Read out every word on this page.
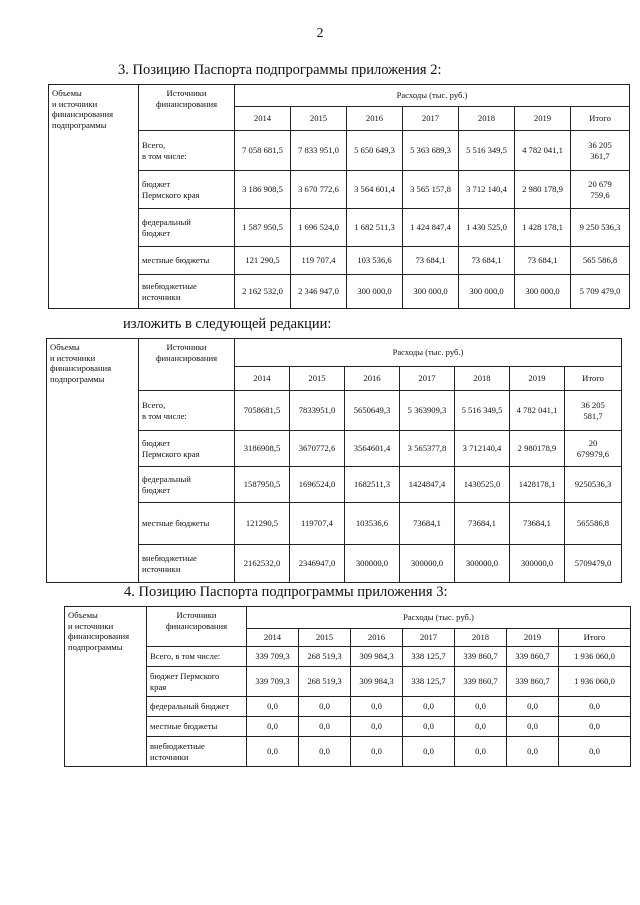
2
3. Позицию Паспорта подпрограммы приложения 2:
Объемы
и источники
финансирования
подпрограммы	Источники
финансирования	Расходы (тыс. руб.)						
		2014	2015	2016	2017	2018	2019	Итого
	Всего,
в том числе:	7 058 681,5	7 833 951,0	5 650 649,3	5 363 689,3	5 516 349,5	4 782 041,1	36 205
361,7
	бюджет
Пермского края	3 186 908,5	3 670 772,6	3 564 601,4	3 565 157,8	3 712 140,4	2 980 178,9	20 679
759,6
	федеральный
бюджет	1 587 950,5	1 696 524,0	1 682 511,3	1 424 847,4	1 430 525,0	1 428 178,1	9 250 536,3
	местные бюджеты	121 290,5	119 707,4	103 536,6	73 684,1	73 684,1	73 684,1	565 586,8
	внебюджетные
источники	2 162 532,0	2 346 947,0	300 000,0	300 000,0	300 000,0	300 000,0	5 709 479,0
изложить в следующей редакции:
Объемы
и источники
финансирования
подпрограммы	Источники
финансирования	Расходы (тыс. руб.)						
		2014	2015	2016	2017	2018	2019	Итого
	Всего,
в том числе:	7058681,5	7833951,0	5650649,3	5 363909,3	5 516 349,5	4 782 041,1	36 205
581,7
	бюджет
Пермского края	3186908,5	3670772,6	3564601,4	3 565377,8	3 712140,4	2 980178,9	20
679979,6
	федеральный
бюджет	1587950,5	1696524,0	1682511,3	1424847,4	1430525,0	1428178,1	9250536,3
	местные бюджеты	121290,5	119707,4	103536,6	73684,1	73684,1	73684,1	565586,8
	внебюджетные
источники	2162532,0	2346947,0	300000,0	300000,0	300000,0	300000,0	5709479,0
4. Позицию Паспорта подпрограммы приложения 3:
Объемы
и источники
финансирования
подпрограммы	Источники
финансирования	Расходы (тыс. руб.)						
		2014	2015	2016	2017	2018	2019	Итого
	Всего, в том числе:	339 709,3	268 519,3	309 984,3	338 125,7	339 860,7	339 860,7	1 936 060,0
	бюджет Пермского
края	339 709,3	268 519,3	309 984,3	338 125,7	339 860,7	339 860,7	1 936 060,0
	федеральный бюджет	0,0	0,0	0,0	0,0	0,0	0,0	0,0
	местные бюджеты	0,0	0,0	0,0	0,0	0,0	0,0	0,0
	внебюджетные
источники	0,0	0,0	0,0	0,0	0,0	0,0	0,0
